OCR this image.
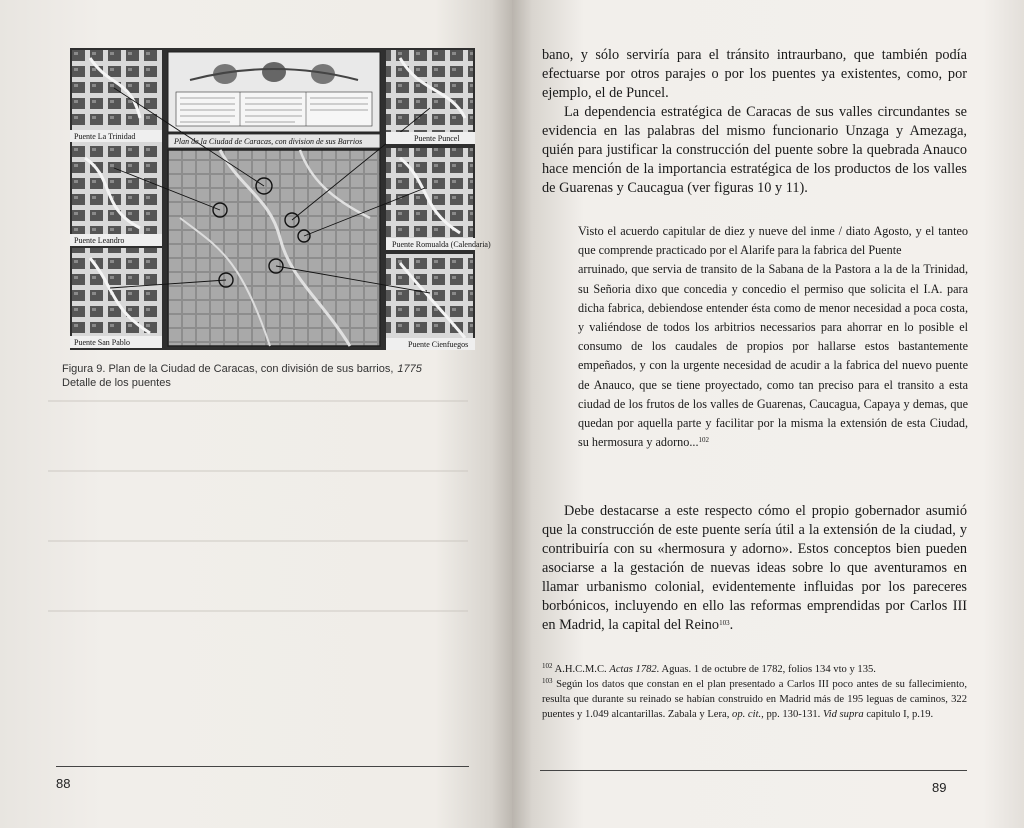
Plan de la Ciudad de Caracas, con division de sus Barrios
Puente La Trinidad
Puente Leandro
Puente San Pablo
Puente Puncel
Puente Romualda (Calendaria)
Puente Cienfuegos
Figura 9. Plan de la Ciudad de Caracas, con división de sus barrios, 1775
Detalle de los puentes
88

bano, y sólo serviría para el tránsito intraurbano, que también podía efectuarse por otros parajes o por los puentes ya existentes, como, por ejemplo, el de Puncel.

La dependencia estratégica de Caracas de sus valles circundantes se evidencia en las palabras del mismo funcionario Unzaga y Amezaga, quién para justificar la construcción del puente sobre la quebrada Anauco hace mención de la importancia estratégica de los productos de los valles de Guarenas y Caucagua (ver figuras 10 y 11).

Visto el acuerdo capitular de diez y nueve del inme / diato Agosto, y el tanteo que comprende practicado por el Alarife para la fabrica del Puente

arruinado, que servia de transito de la Sabana de la Pastora a la de la Trinidad, su Señoria dixo que concedia y concedio el permiso que solicita el I.A. para dicha fabrica, debiendose entender ésta como de menor necesidad a poca costa, y valiéndose de todos los arbitrios necessarios para ahorrar en lo posible el consumo de los caudales de propios por hallarse estos bastantemente empeñados, y con la urgente necesidad de acudir a la fabrica del nuevo puente de Anauco, que se tiene proyectado, como tan preciso para el transito a esta ciudad de los frutos de los valles de Guarenas, Caucagua, Capaya y demas, que quedan por aquella parte y facilitar por la misma la extensión de esta Ciudad, su hermosura y adorno...$^{102}$

Debe destacarse a este respecto cómo el propio gobernador asumió que la construcción de este puente sería útil a la extensión de la ciudad, y contribuiría con su «hermosura y adorno». Estos conceptos bien pueden asociarse a la gestación de nuevas ideas sobre lo que aventuramos en llamar urbanismo colonial, evidentemente influidas por los pareceres borbónicos, incluyendo en ello las reformas emprendidas por Carlos III en Madrid, la capital del Reino$^{103}$.

$^{102}$ A.H.C.M.C. Actas 1782. Aguas. 1 de octubre de 1782, folios 134 vto y 135.

$^{103}$ Según los datos que constan en el plan presentado a Carlos III poco antes de su fallecimiento, resulta que durante su reinado se habían construido en Madrid más de 195 leguas de caminos, 322 puentes y 1.049 alcantarillas. Zabala y Lera, op. cit., pp. 130-131. Vid supra capitulo I, p.19.

89
